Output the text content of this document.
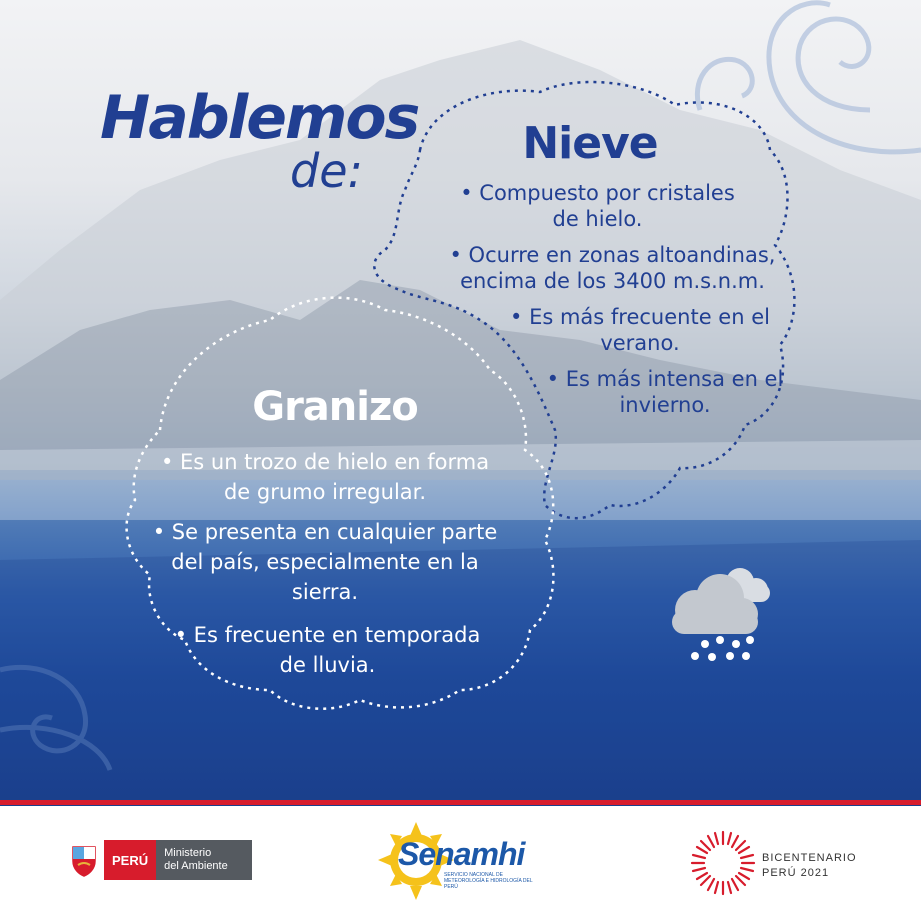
Hablemos
de:
Nieve
• Compuesto por cristales de hielo.
• Ocurre en zonas altoandinas, encima de los 3400 m.s.n.m.
• Es más frecuente en el verano.
• Es más intensa en el invierno.
Granizo
• Es un trozo de hielo en forma de grumo irregular.
• Se presenta en cualquier parte del país, especialmente en la sierra.
• Es frecuente en temporada de lluvia.
PERÚ	Ministerio
del Ambiente	Senamhi
SERVICIO NACIONAL DE METEOROLOGÍA E HIDROLOGÍA DEL PERÚ
BICENTENARIO
PERÚ 2021
